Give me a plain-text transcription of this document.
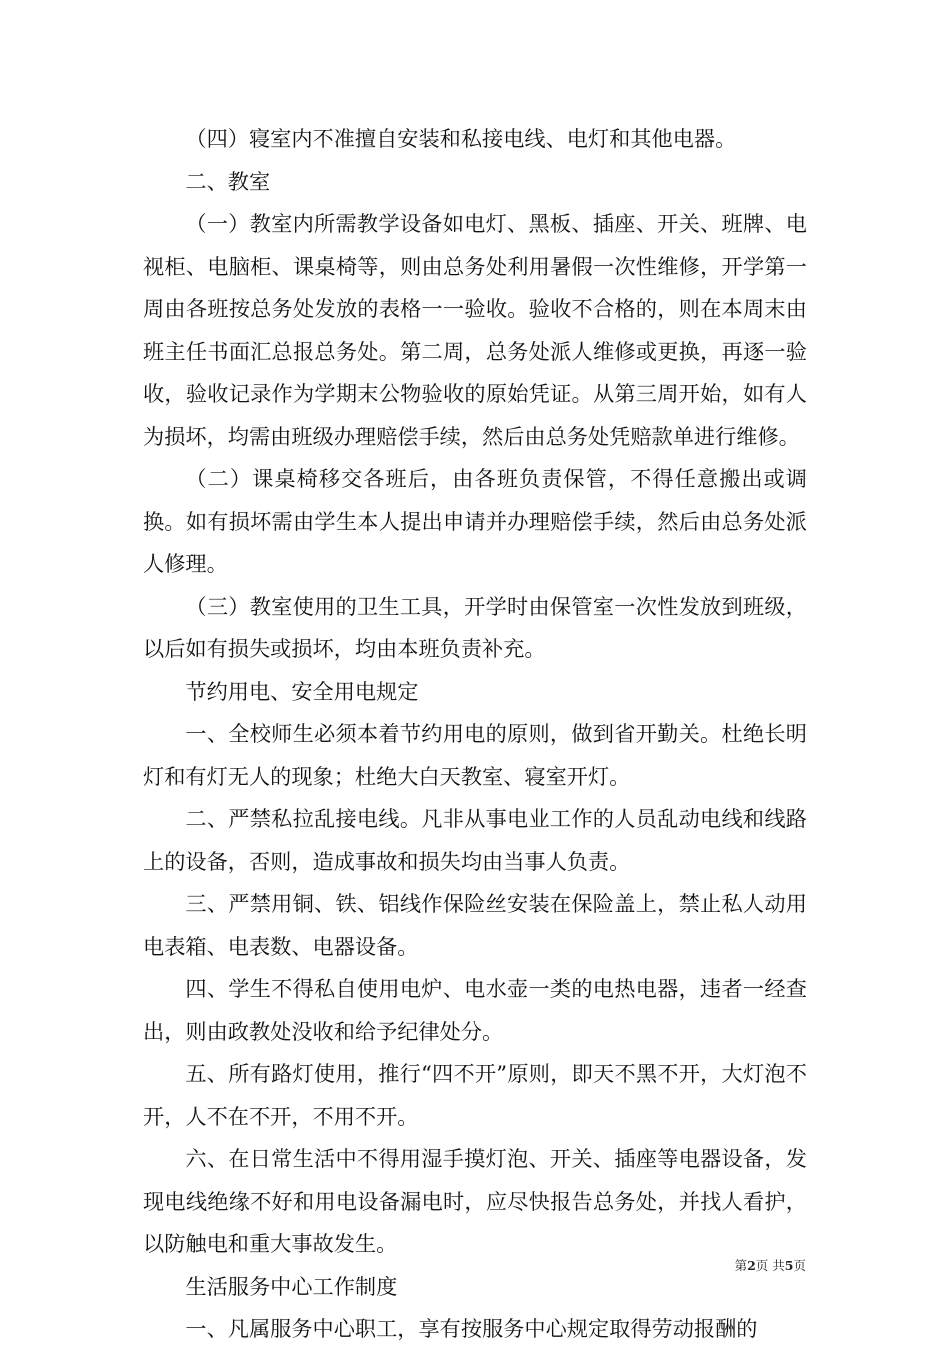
（四）寝室内不准擅自安装和私接电线、电灯和其他电器。

二、教室

（一）教室内所需教学设备如电灯、黑板、插座、开关、班牌、电视柜、电脑柜、课桌椅等，则由总务处利用暑假一次性维修，开学第一周由各班按总务处发放的表格一一验收。验收不合格的，则在本周末由班主任书面汇总报总务处。第二周，总务处派人维修或更换，再逐一验收，验收记录作为学期末公物验收的原始凭证。从第三周开始，如有人为损坏，均需由班级办理赔偿手续，然后由总务处凭赔款单进行维修。

（二）课桌椅移交各班后，由各班负责保管，不得任意搬出或调换。如有损坏需由学生本人提出申请并办理赔偿手续，然后由总务处派人修理。

（三）教室使用的卫生工具，开学时由保管室一次性发放到班级，以后如有损失或损坏，均由本班负责补充。

节约用电、安全用电规定

一、全校师生必须本着节约用电的原则，做到省开勤关。杜绝长明灯和有灯无人的现象；杜绝大白天教室、寝室开灯。

二、严禁私拉乱接电线。凡非从事电业工作的人员乱动电线和线路上的设备，否则，造成事故和损失均由当事人负责。

三、严禁用铜、铁、铝线作保险丝安装在保险盖上，禁止私人动用电表箱、电表数、电器设备。

四、学生不得私自使用电炉、电水壶一类的电热电器，违者一经查出，则由政教处没收和给予纪律处分。

五、所有路灯使用，推行“四不开”原则，即天不黑不开，大灯泡不开，人不在不开，不用不开。

六、在日常生活中不得用湿手摸灯泡、开关、插座等电器设备，发现电线绝缘不好和用电设备漏电时，应尽快报告总务处，并找人看护，以防触电和重大事故发生。

生活服务中心工作制度

一、凡属服务中心职工，享有按服务中心规定取得劳动报酬的

第2页 共5页
